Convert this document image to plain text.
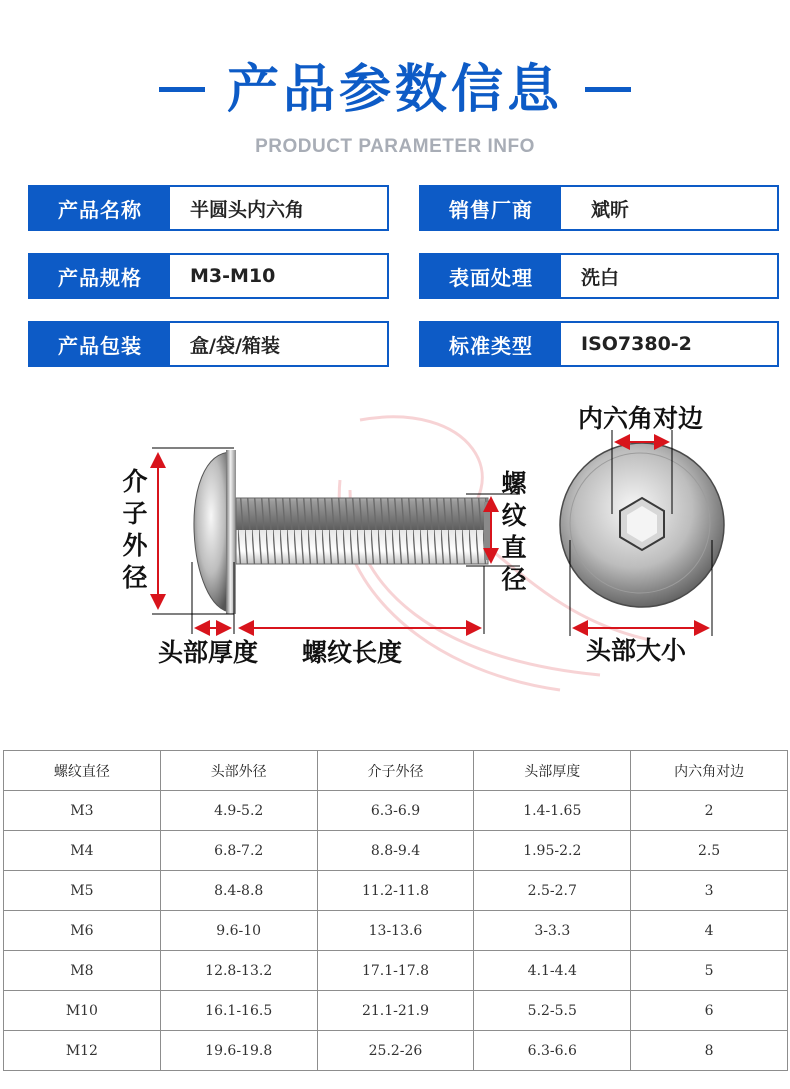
产品参数信息
PRODUCT PARAMETER INFO
产品名称	半圆头内六角	销售厂商	斌昕
产品规格	M3-M10	表面处理	洗白
产品包装	盒/袋/箱装	标准类型	ISO7380-2
介子外径
螺纹直径
头部厚度 螺纹长度
内六角对边
头部大小
螺纹直径	头部外径	介子外径	头部厚度	内六角对边
M3	4.9-5.2	6.3-6.9	1.4-1.65	2
M4	6.8-7.2	8.8-9.4	1.95-2.2	2.5
M5	8.4-8.8	11.2-11.8	2.5-2.7	3
M6	9.6-10	13-13.6	3-3.3	4
M8	12.8-13.2	17.1-17.8	4.1-4.4	5
M10	16.1-16.5	21.1-21.9	5.2-5.5	6
M12	19.6-19.8	25.2-26	6.3-6.6	8
